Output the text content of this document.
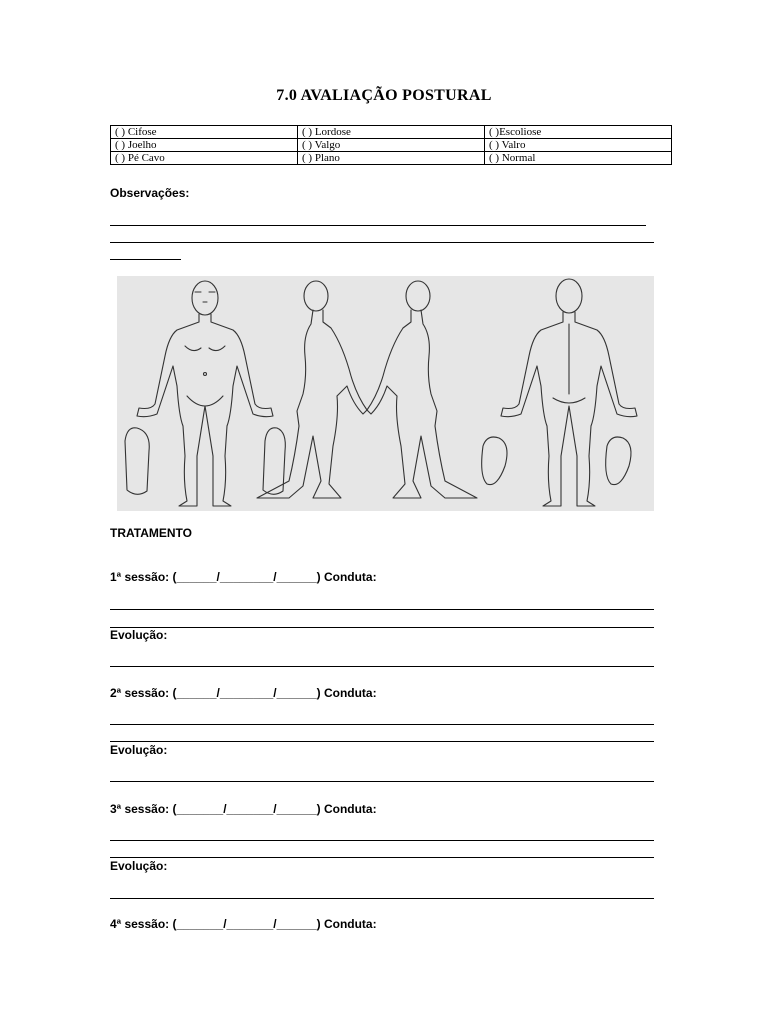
7.0 AVALIAÇÃO POSTURAL
( ) Cifose	( ) Lordose	( )Escoliose
( ) Joelho	( ) Valgo	( ) Valro
( ) Pé Cavo	( ) Plano	( ) Normal
Observações:
TRATAMENTO
1ª sessão: (______/________/______) Conduta:
Evolução:
2ª sessão: (______/________/______) Conduta:
Evolução:
3ª sessão: (_______/_______/______) Conduta:
Evolução:
4ª sessão: (_______/_______/______) Conduta:
